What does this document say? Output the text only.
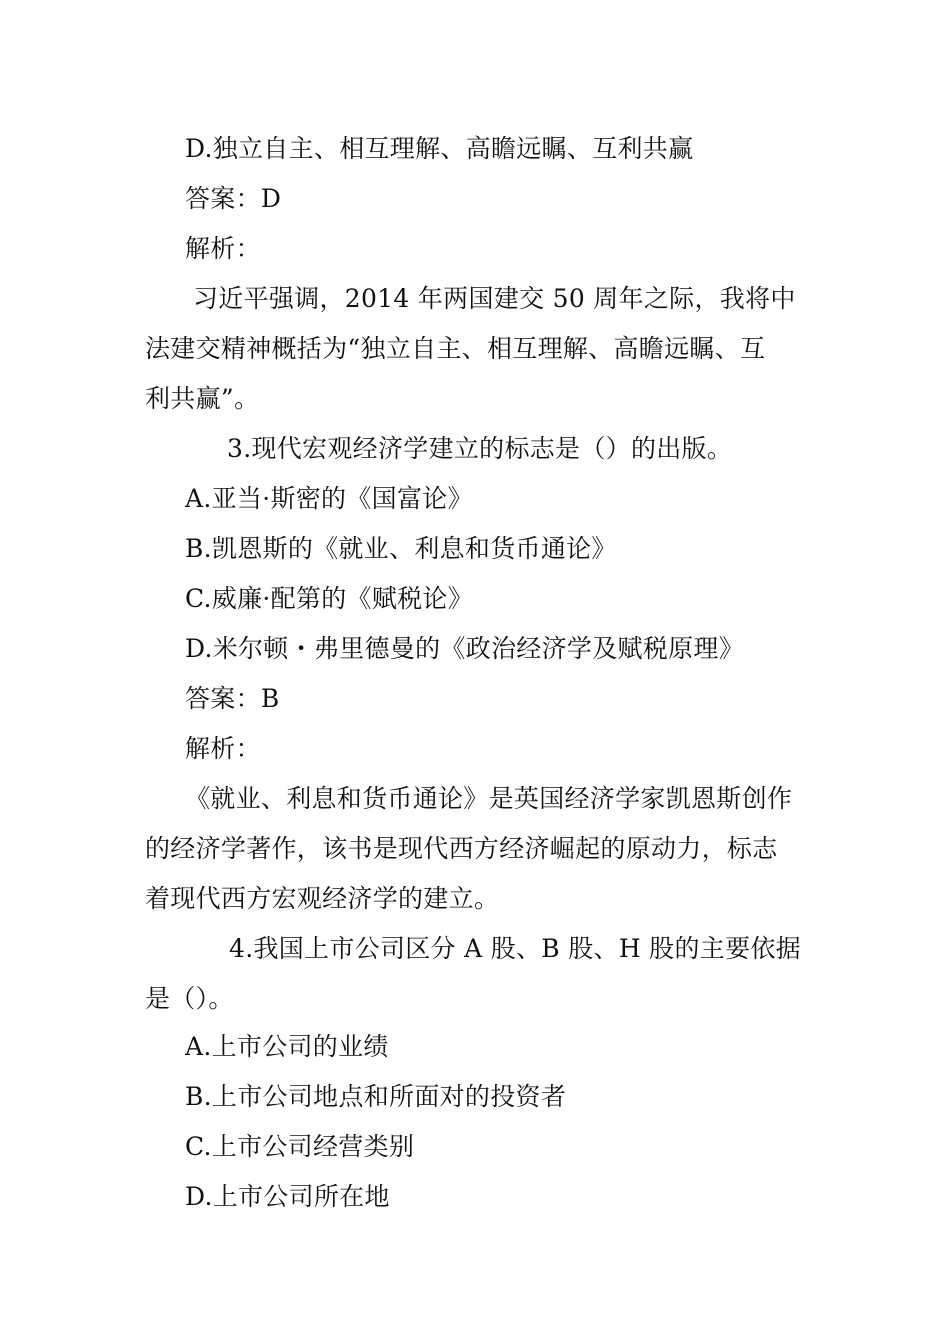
D.独立自主、相互理解、高瞻远瞩、互利共赢
答案：D
解析：
习近平强调，2014 年两国建交 50 周年之际，我将中
法建交精神概括为“独立自主、相互理解、高瞻远瞩、互
利共赢”。
3.现代宏观经济学建立的标志是（）的出版。
A.亚当·斯密的《国富论》
B.凯恩斯的《就业、利息和货币通论》
C.威廉·配第的《赋税论》
D.米尔顿・弗里德曼的《政治经济学及赋税原理》
答案：B
解析：
《就业、利息和货币通论》是英国经济学家凯恩斯创作
的经济学著作，该书是现代西方经济崛起的原动力，标志
着现代西方宏观经济学的建立。
4.我国上市公司区分 A 股、B 股、H 股的主要依据
是（）。
A.上市公司的业绩
B.上市公司地点和所面对的投资者
C.上市公司经营类别
D.上市公司所在地
